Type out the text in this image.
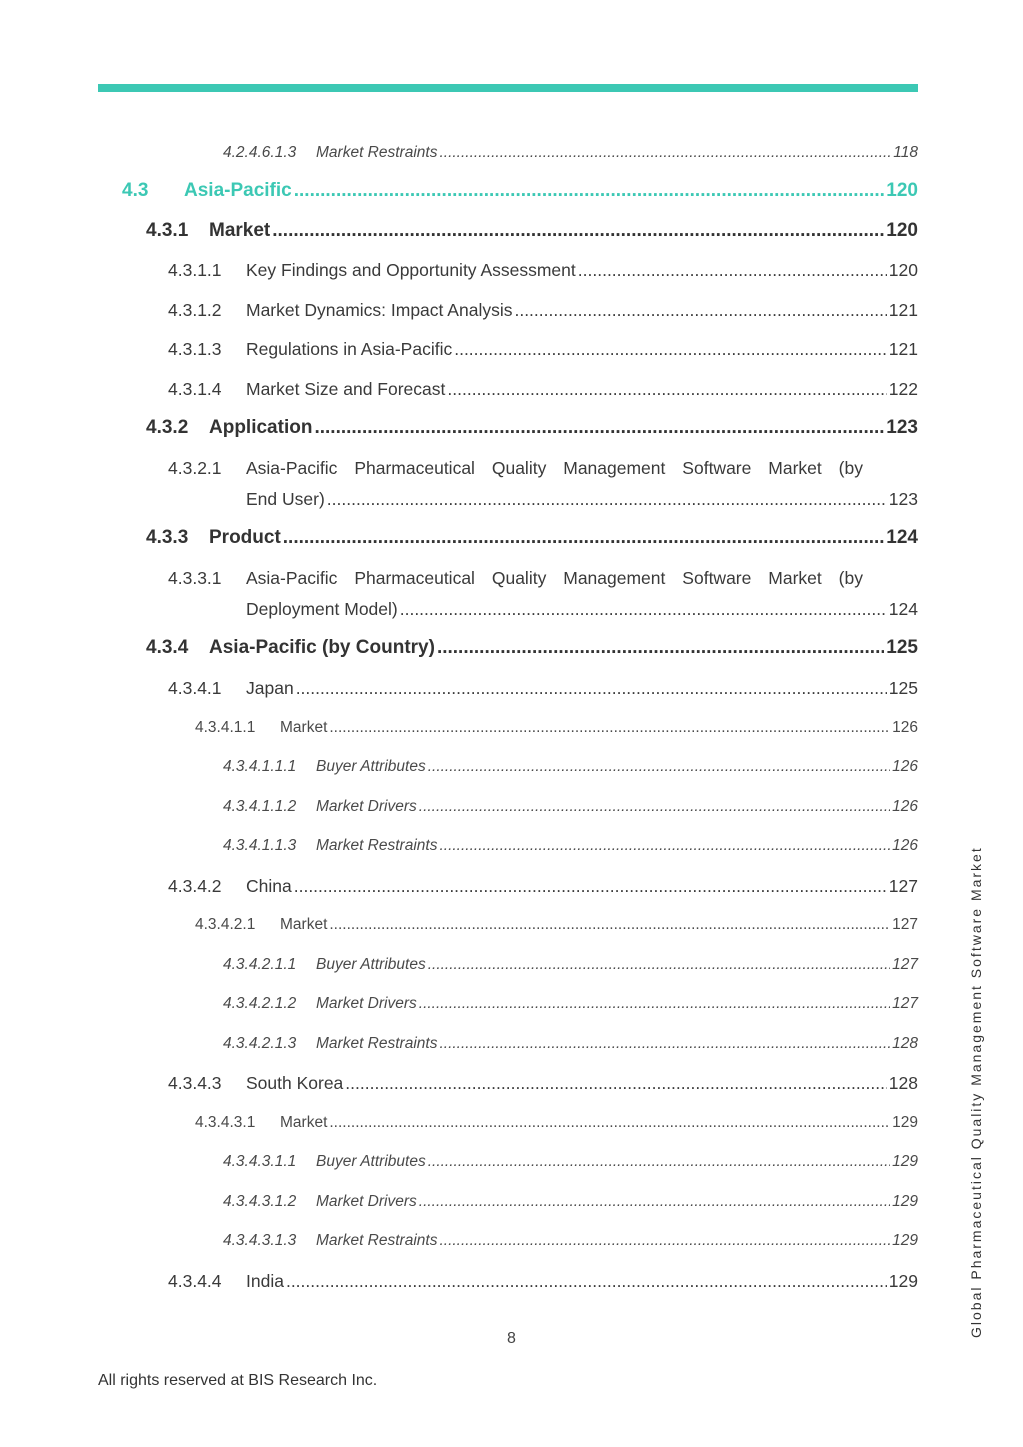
4.2.4.6.1.3 Market Restraints .....	118
4.3 Asia-Pacific .....	120
4.3.1 Market .....	120
4.3.1.1 Key Findings and Opportunity Assessment .....	120
4.3.1.2 Market Dynamics: Impact Analysis .....	121
4.3.1.3 Regulations in Asia-Pacific .....	121
4.3.1.4 Market Size and Forecast .....	122
4.3.2 Application .....	123
4.3.2.1 Asia-Pacific Pharmaceutical Quality Management Software Market (by
End User) .....	123
4.3.3 Product .....	124
4.3.3.1 Asia-Pacific Pharmaceutical Quality Management Software Market (by
Deployment Model) .....	124
4.3.4 Asia-Pacific (by Country) .....	125
4.3.4.1 Japan .....	125
4.3.4.1.1 Market .....	126
4.3.4.1.1.1 Buyer Attributes .....	126
4.3.4.1.1.2 Market Drivers .....	126
4.3.4.1.1.3 Market Restraints .....	126
4.3.4.2 China .....	127
4.3.4.2.1 Market .....	127
4.3.4.2.1.1 Buyer Attributes .....	127
4.3.4.2.1.2 Market Drivers .....	127
4.3.4.2.1.3 Market Restraints .....	128
4.3.4.3 South Korea .....	128
4.3.4.3.1 Market .....	129
4.3.4.3.1.1 Buyer Attributes .....	129
4.3.4.3.1.2 Market Drivers .....	129
4.3.4.3.1.3 Market Restraints .....	129
4.3.4.4 India .....	129
8
All rights reserved at BIS Research Inc.
Global Pharmaceutical Quality Management Software Market
